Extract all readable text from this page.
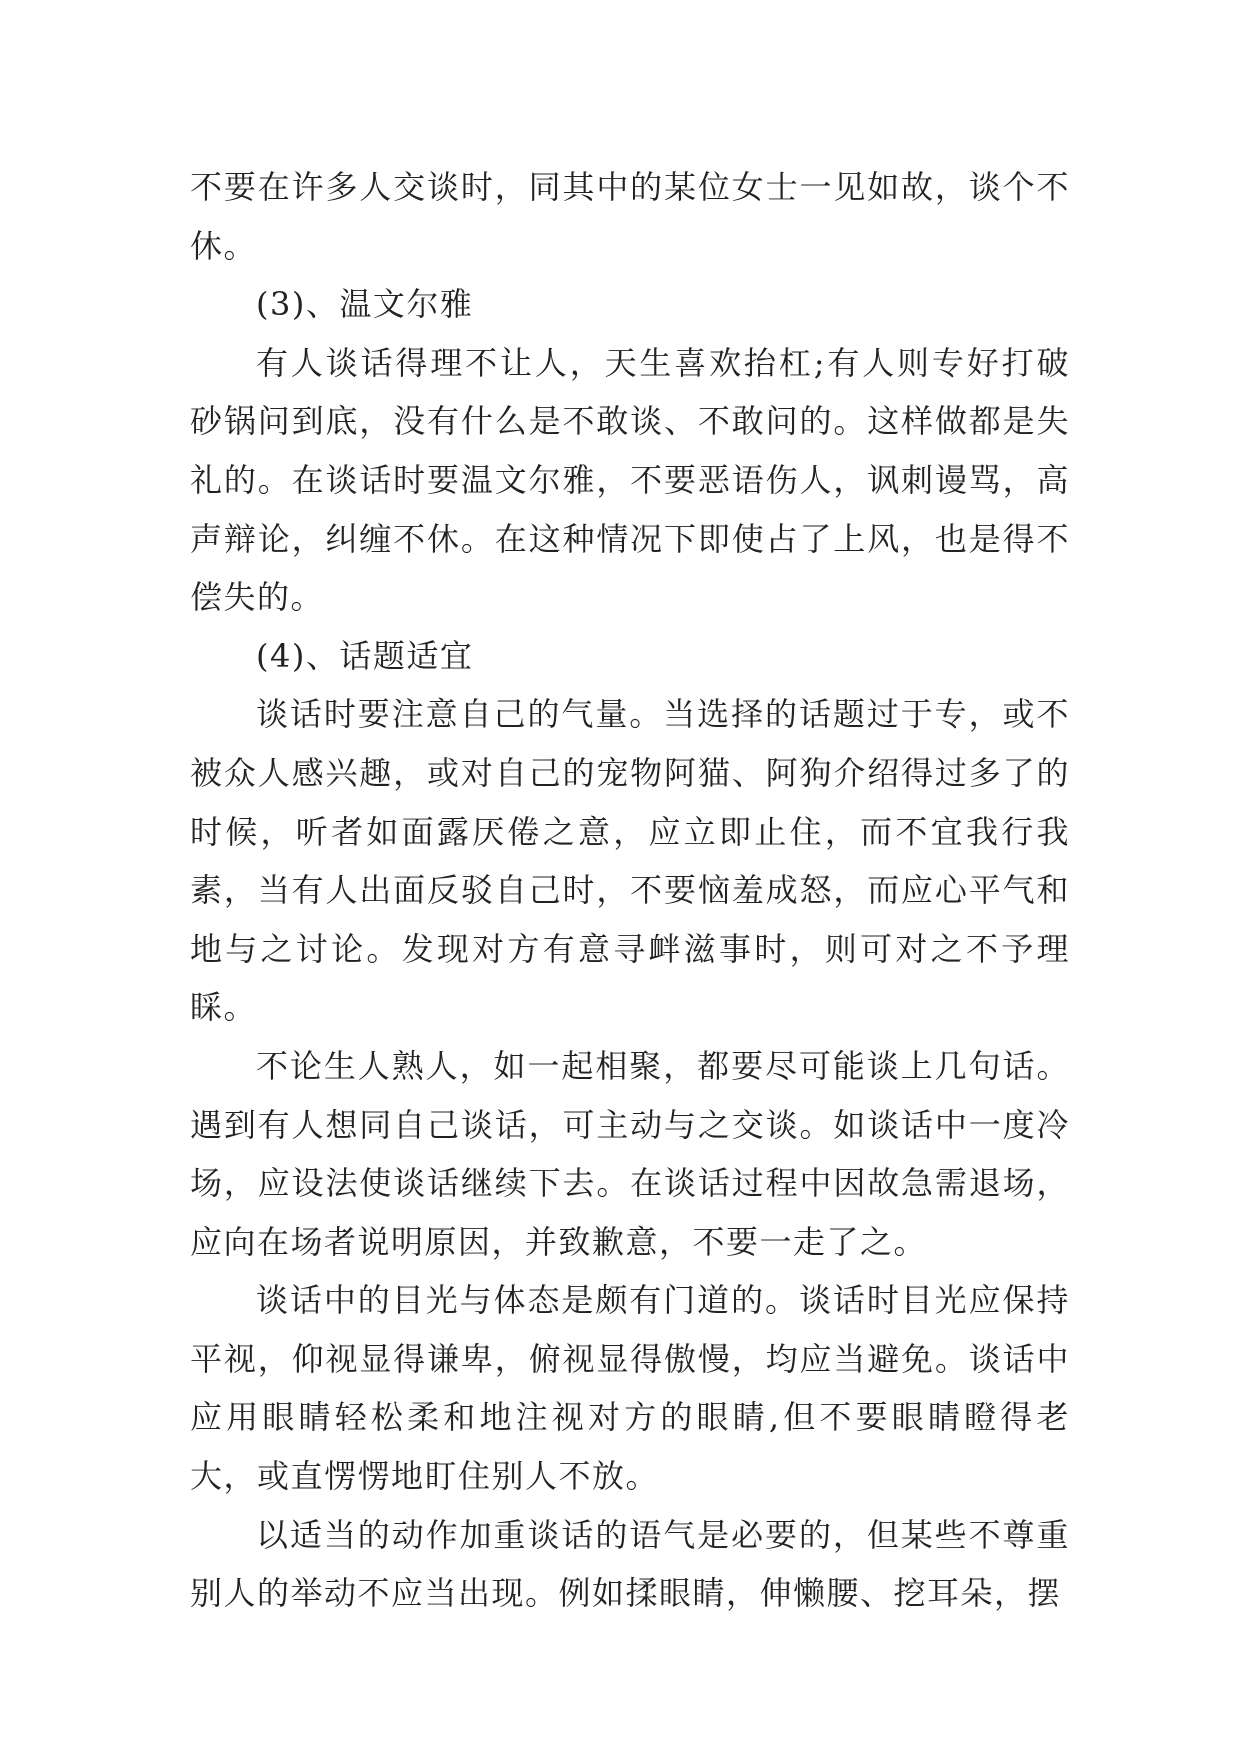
不要在许多人交谈时，同其中的某位女士一见如故，谈个不休。

(3)、温文尔雅

有人谈话得理不让人，天生喜欢抬杠;有人则专好打破砂锅问到底，没有什么是不敢谈、不敢问的。这样做都是失礼的。在谈话时要温文尔雅，不要恶语伤人，讽刺谩骂，高声辩论，纠缠不休。在这种情况下即使占了上风，也是得不偿失的。

(4)、话题适宜

谈话时要注意自己的气量。当选择的话题过于专，或不被众人感兴趣，或对自己的宠物阿猫、阿狗介绍得过多了的时候，听者如面露厌倦之意，应立即止住，而不宜我行我素，当有人出面反驳自己时，不要恼羞成怒，而应心平气和地与之讨论。发现对方有意寻衅滋事时，则可对之不予理睬。

不论生人熟人，如一起相聚，都要尽可能谈上几句话。遇到有人想同自己谈话，可主动与之交谈。如谈话中一度冷场，应设法使谈话继续下去。在谈话过程中因故急需退场，应向在场者说明原因，并致歉意，不要一走了之。

谈话中的目光与体态是颇有门道的。谈话时目光应保持平视，仰视显得谦卑，俯视显得傲慢，均应当避免。谈话中应用眼睛轻松柔和地注视对方的眼睛,但不要眼睛瞪得老大，或直愣愣地盯住别人不放。

以适当的动作加重谈话的语气是必要的，但某些不尊重别人的举动不应当出现。例如揉眼睛，伸懒腰、挖耳朵，摆
